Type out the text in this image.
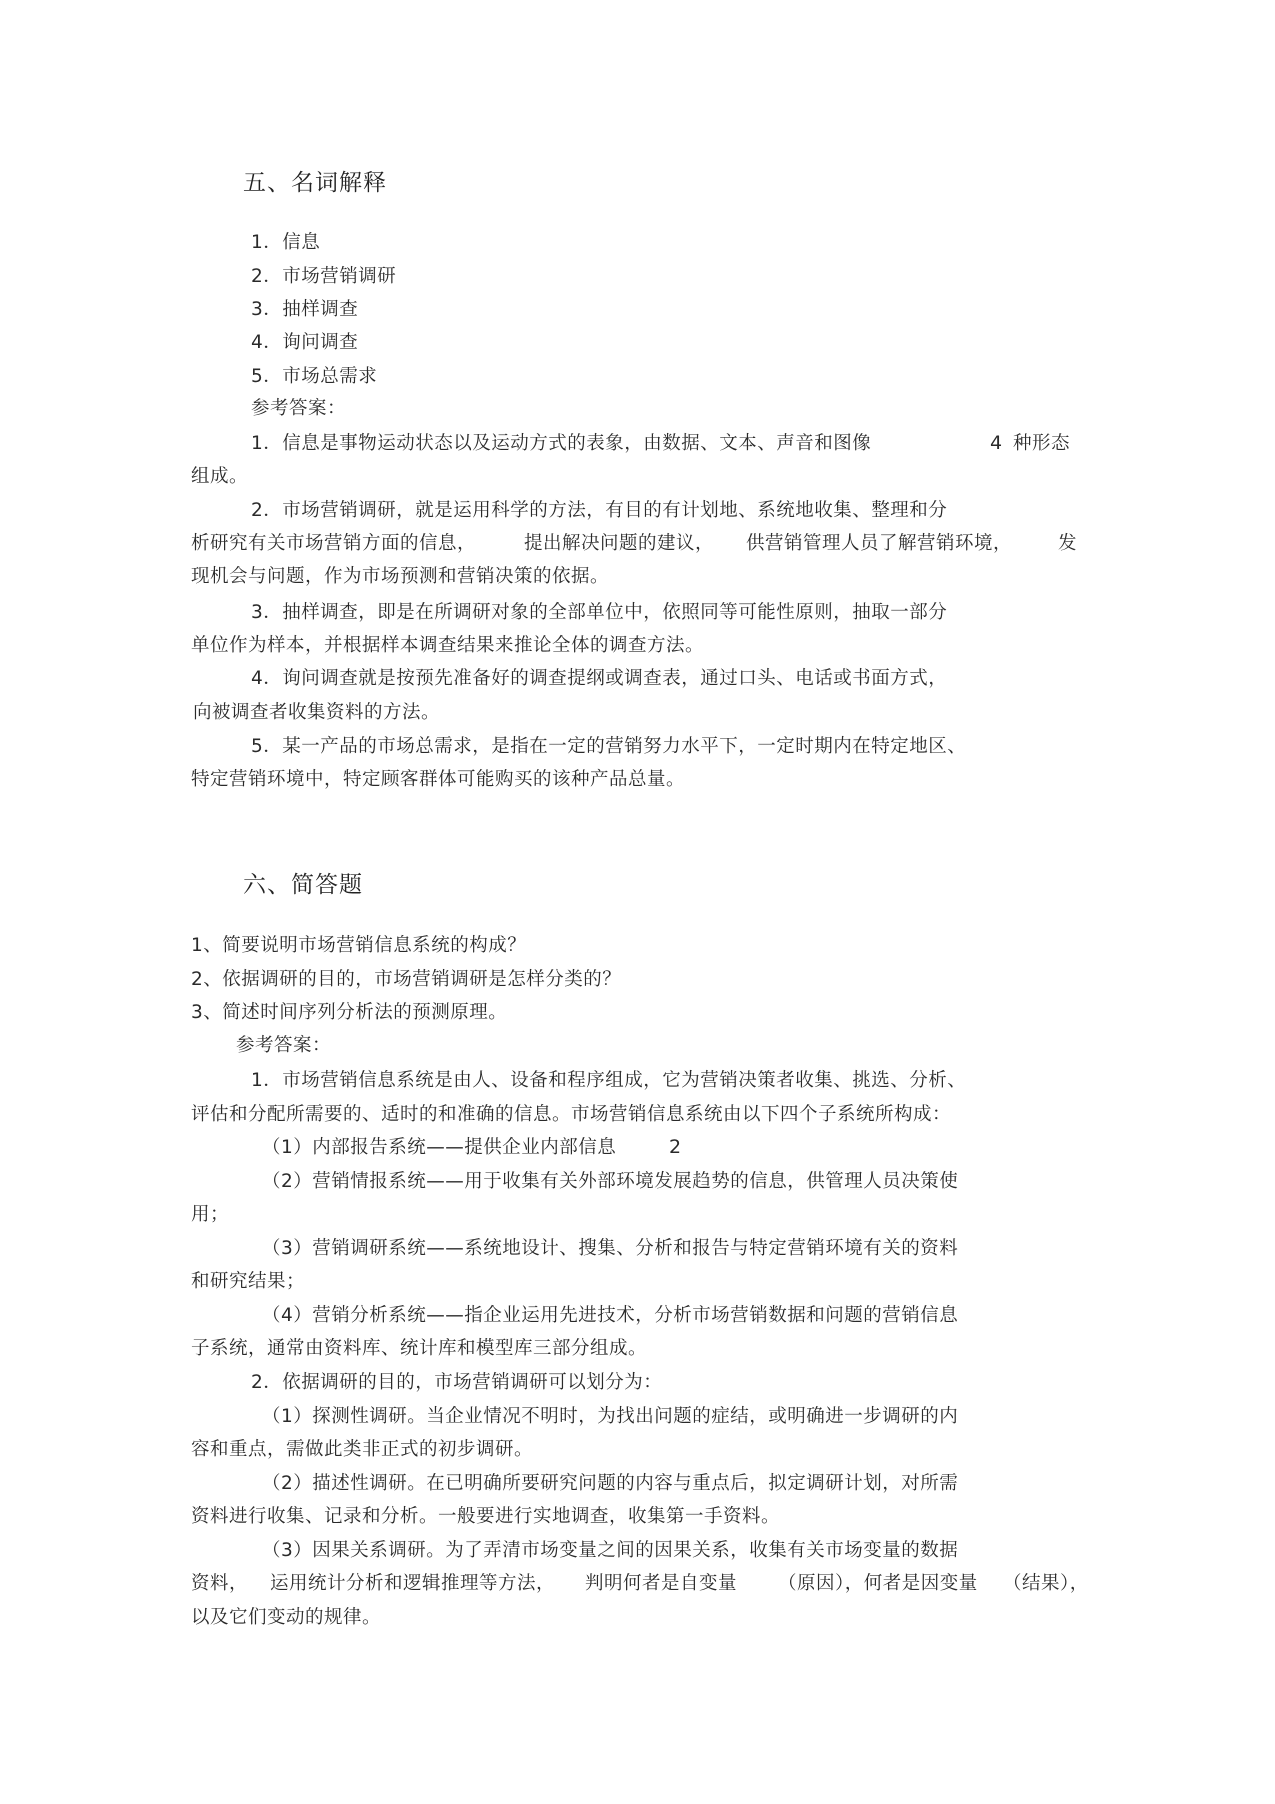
五、名词解释
1．信息
2．市场营销调研
3．抽样调查
4．询问调查
5．市场总需求
参考答案：
1．信息是事物运动状态以及运动方式的表象，由数据、文本、声音和图像	4 种形态
组成。
2．市场营销调研，就是运用科学的方法，有目的有计划地、系统地收集、整理和分
析研究有关市场营销方面的信息，	提出解决问题的建议， 供营销管理人员了解营销环境， 发
现机会与问题，作为市场预测和营销决策的依据。
3．抽样调查，即是在所调研对象的全部单位中，依照同等可能性原则，抽取一部分
单位作为样本，并根据样本调查结果来推论全体的调查方法。
4．询问调查就是按预先准备好的调查提纲或调查表，通过口头、电话或书面方式，
向被调查者收集资料的方法。
5．某一产品的市场总需求，是指在一定的营销努力水平下，一定时期内在特定地区、
特定营销环境中，特定顾客群体可能购买的该种产品总量。
六、简答题
1、简要说明市场营销信息系统的构成？
2、依据调研的目的，市场营销调研是怎样分类的？
3、简述时间序列分析法的预测原理。
参考答案：
1．市场营销信息系统是由人、设备和程序组成，它为营销决策者收集、挑选、分析、
评估和分配所需要的、适时的和准确的信息。市场营销信息系统由以下四个子系统所构成：
（1）内部报告系统——提供企业内部信息	2
（2）营销情报系统——用于收集有关外部环境发展趋势的信息，供管理人员决策使
用；
（3）营销调研系统——系统地设计、搜集、分析和报告与特定营销环境有关的资料
和研究结果；
（4）营销分析系统——指企业运用先进技术，分析市场营销数据和问题的营销信息
子系统，通常由资料库、统计库和模型库三部分组成。
2．依据调研的目的，市场营销调研可以划分为：
（1）探测性调研。当企业情况不明时，为找出问题的症结，或明确进一步调研的内
容和重点，需做此类非正式的初步调研。
（2）描述性调研。在已明确所要研究问题的内容与重点后，拟定调研计划，对所需
资料进行收集、记录和分析。一般要进行实地调查，收集第一手资料。
（3）因果关系调研。为了弄清市场变量之间的因果关系，收集有关市场变量的数据
资料， 运用统计分析和逻辑推理等方法， 判明何者是自变量 （原因），何者是因变量 （结果），
以及它们变动的规律。
